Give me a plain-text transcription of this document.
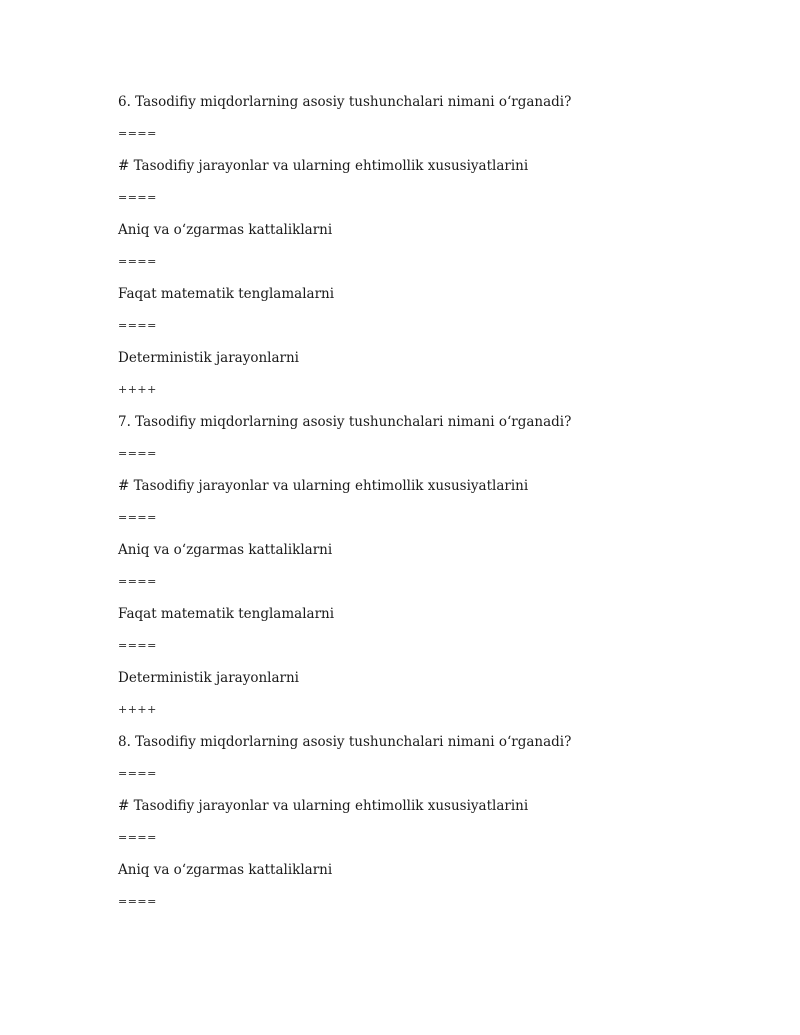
6. Tasodifiy miqdorlarning asosiy tushunchalari nimani o‘rganadi?
====
# Tasodifiy jarayonlar va ularning ehtimollik xususiyatlarini
====
Aniq va o‘zgarmas kattaliklarni
====
Faqat matematik tenglamalarni
====
Deterministik jarayonlarni
++++
7. Tasodifiy miqdorlarning asosiy tushunchalari nimani o‘rganadi?
====
# Tasodifiy jarayonlar va ularning ehtimollik xususiyatlarini
====
Aniq va o‘zgarmas kattaliklarni
====
Faqat matematik tenglamalarni
====
Deterministik jarayonlarni
++++
8. Tasodifiy miqdorlarning asosiy tushunchalari nimani o‘rganadi?
====
# Tasodifiy jarayonlar va ularning ehtimollik xususiyatlarini
====
Aniq va o‘zgarmas kattaliklarni
====
